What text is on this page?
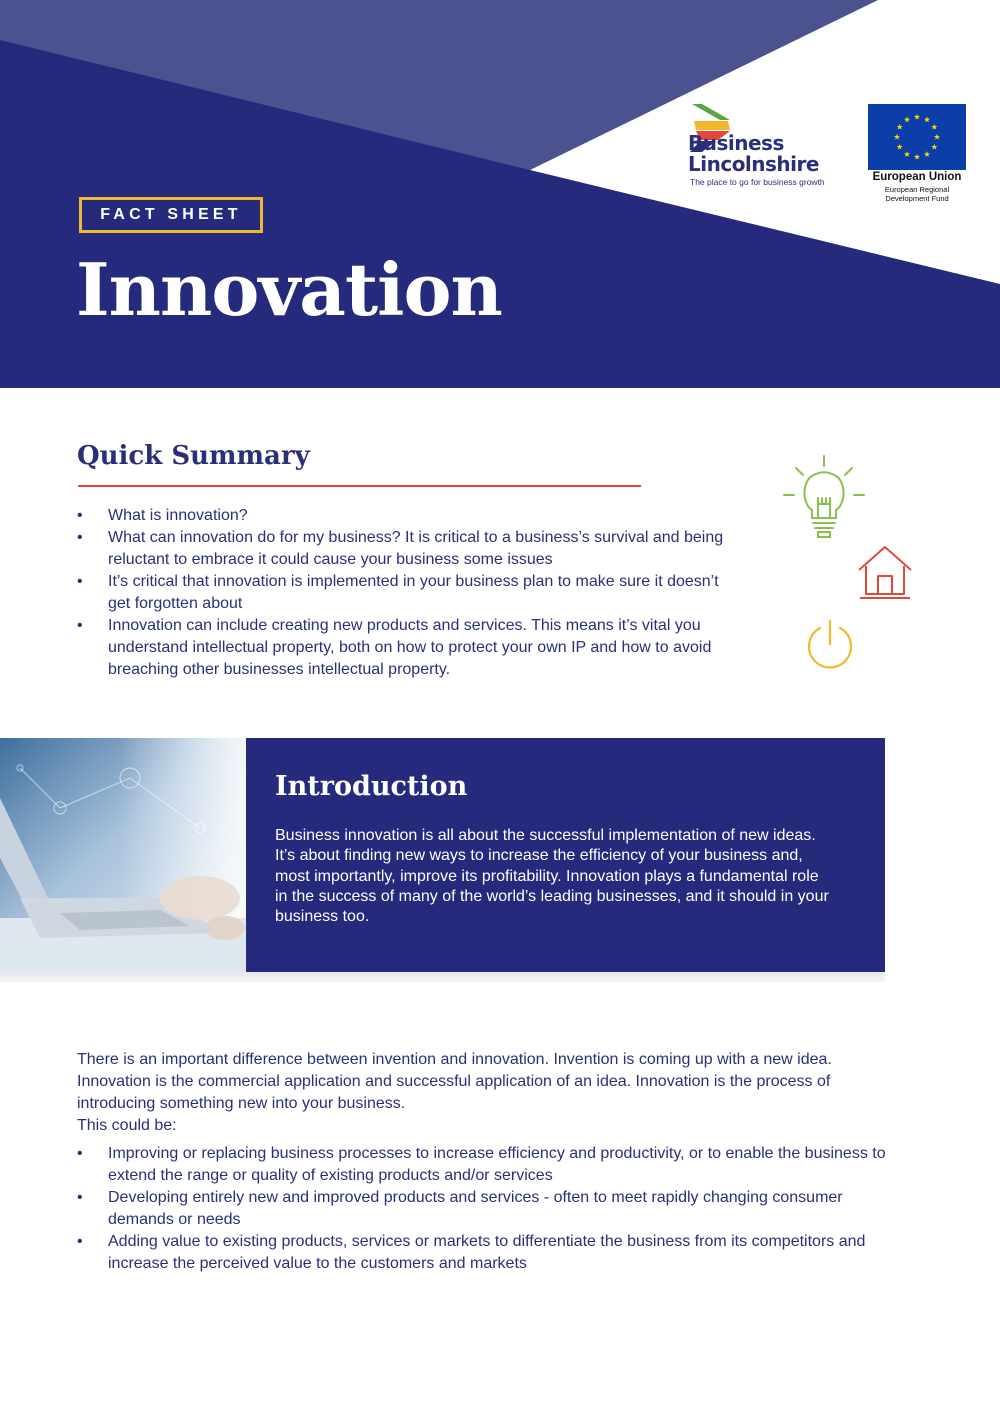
Business
Lincolnshire
The place to go for business growth	European Union
European Regional
Development Fund
FACT SHEET
Innovation
Quick Summary
• What is innovation?
• What can innovation do for my business? It is critical to a business’s survival and being reluctant to embrace it could cause your business some issues
• It’s critical that innovation is implemented in your business plan to make sure it doesn’t get forgotten about
• Innovation can include creating new products and services. This means it’s vital you understand intellectual property, both on how to protect your own IP and how to avoid breaching other businesses intellectual property.
Introduction

Business innovation is all about the successful implementation of new ideas. It’s about finding new ways to increase the efficiency of your business and, most importantly, improve its profitability. Innovation plays a fundamental role in the success of many of the world’s leading businesses, and it should in your business too.

There is an important difference between invention and innovation. Invention is coming up with a new idea. Innovation is the commercial application and successful application of an idea. Innovation is the process of introducing something new into your business.
This could be:

• Improving or replacing business processes to increase efficiency and productivity, or to enable the business to extend the range or quality of existing products and/or services
• Developing entirely new and improved products and services - often to meet rapidly changing consumer demands or needs
• Adding value to existing products, services or markets to differentiate the business from its competitors and increase the perceived value to the customers and markets
